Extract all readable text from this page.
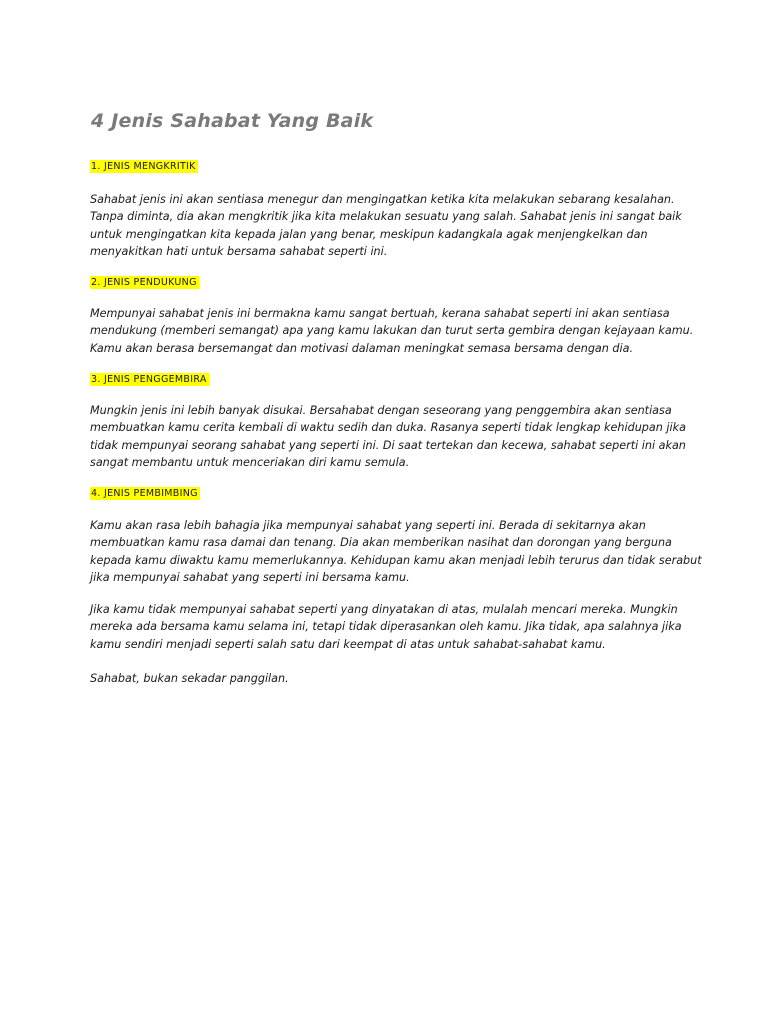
4 Jenis Sahabat Yang Baik

1. JENIS MENGKRITIK

Sahabat jenis ini akan sentiasa menegur dan mengingatkan ketika kita melakukan sebarang kesalahan.
Tanpa diminta, dia akan mengkritik jika kita melakukan sesuatu yang salah. Sahabat jenis ini sangat baik
untuk mengingatkan kita kepada jalan yang benar, meskipun kadangkala agak menjengkelkan dan
menyakitkan hati untuk bersama sahabat seperti ini.

2. JENIS PENDUKUNG

Mempunyai sahabat jenis ini bermakna kamu sangat bertuah, kerana sahabat seperti ini akan sentiasa
mendukung (memberi semangat) apa yang kamu lakukan dan turut serta gembira dengan kejayaan kamu.
Kamu akan berasa bersemangat dan motivasi dalaman meningkat semasa bersama dengan dia.

3. JENIS PENGGEMBIRA

Mungkin jenis ini lebih banyak disukai. Bersahabat dengan seseorang yang penggembira akan sentiasa
membuatkan kamu cerita kembali di waktu sedih dan duka. Rasanya seperti tidak lengkap kehidupan jika
tidak mempunyai seorang sahabat yang seperti ini. Di saat tertekan dan kecewa, sahabat seperti ini akan
sangat membantu untuk menceriakan diri kamu semula.

4. JENIS PEMBIMBING

Kamu akan rasa lebih bahagia jika mempunyai sahabat yang seperti ini. Berada di sekitarnya akan
membuatkan kamu rasa damai dan tenang. Dia akan memberikan nasihat dan dorongan yang berguna
kepada kamu diwaktu kamu memerlukannya. Kehidupan kamu akan menjadi lebih terurus dan tidak serabut
jika mempunyai sahabat yang seperti ini bersama kamu.

Jika kamu tidak mempunyai sahabat seperti yang dinyatakan di atas, mulalah mencari mereka. Mungkin
mereka ada bersama kamu selama ini, tetapi tidak diperasankan oleh kamu. Jika tidak, apa salahnya jika
kamu sendiri menjadi seperti salah satu dari keempat di atas untuk sahabat-sahabat kamu.

Sahabat, bukan sekadar panggilan.
